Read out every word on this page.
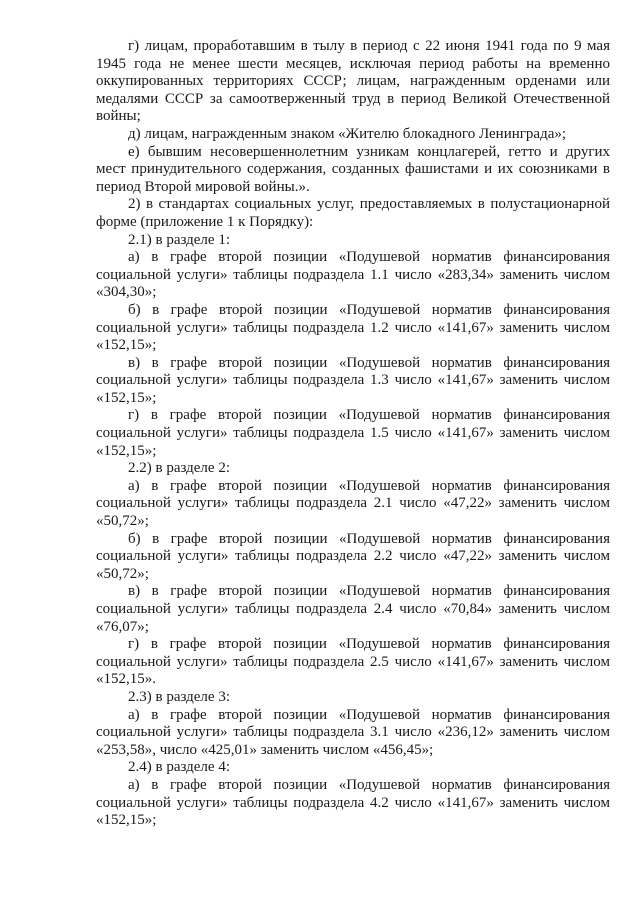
г) лицам, проработавшим в тылу в период с 22 июня 1941 года по 9 мая 1945 года не менее шести месяцев, исключая период работы на временно оккупированных территориях СССР; лицам, награжденным орденами или медалями СССР за самоотверженный труд в период Великой Отечественной войны;

д) лицам, награжденным знаком «Жителю блокадного Ленинграда»;

е) бывшим несовершеннолетним узникам концлагерей, гетто и других мест принудительного содержания, созданных фашистами и их союзниками в период Второй мировой войны.».

2) в стандартах социальных услуг, предоставляемых в полустационарной форме (приложение 1 к Порядку):

2.1) в разделе 1:

а) в графе второй позиции «Подушевой норматив финансирования социальной услуги» таблицы подраздела 1.1 число «283,34» заменить числом «304,30»;

б) в графе второй позиции «Подушевой норматив финансирования социальной услуги» таблицы подраздела 1.2 число «141,67» заменить числом «152,15»;

в) в графе второй позиции «Подушевой норматив финансирования социальной услуги» таблицы подраздела 1.3 число «141,67» заменить числом «152,15»;

г) в графе второй позиции «Подушевой норматив финансирования социальной услуги» таблицы подраздела 1.5 число «141,67» заменить числом «152,15»;

2.2) в разделе 2:

а) в графе второй позиции «Подушевой норматив финансирования социальной услуги» таблицы подраздела 2.1 число «47,22» заменить числом «50,72»;

б) в графе второй позиции «Подушевой норматив финансирования социальной услуги» таблицы подраздела 2.2 число «47,22» заменить числом «50,72»;

в) в графе второй позиции «Подушевой норматив финансирования социальной услуги» таблицы подраздела 2.4 число «70,84» заменить числом «76,07»;

г) в графе второй позиции «Подушевой норматив финансирования социальной услуги» таблицы подраздела 2.5 число «141,67» заменить числом «152,15».

2.3) в разделе 3:

а) в графе второй позиции «Подушевой норматив финансирования социальной услуги» таблицы подраздела 3.1 число «236,12» заменить числом «253,58», число «425,01» заменить числом «456,45»;

2.4) в разделе 4:

а) в графе второй позиции «Подушевой норматив финансирования социальной услуги» таблицы подраздела 4.2 число «141,67» заменить числом «152,15»;
